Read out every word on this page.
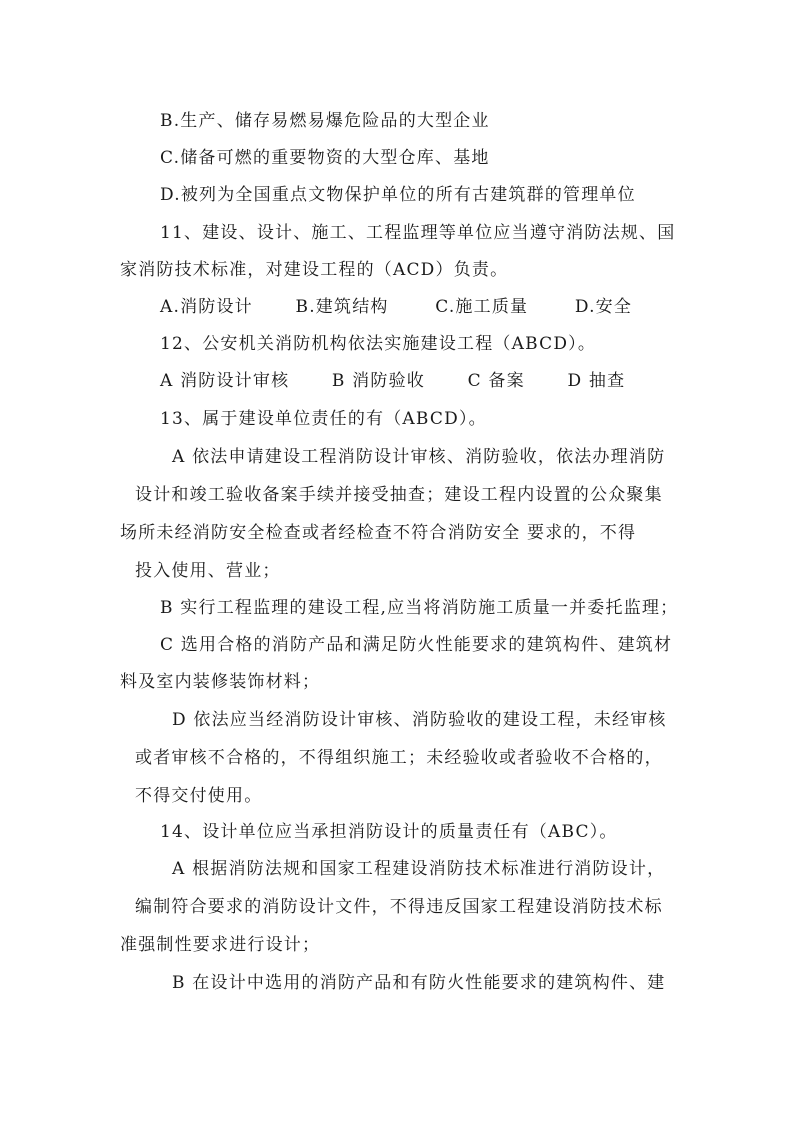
B.生产、储存易燃易爆危险品的大型企业
C.储备可燃的重要物资的大型仓库、基地
D.被列为全国重点文物保护单位的所有古建筑群的管理单位
11、建设、设计、施工、工程监理等单位应当遵守消防法规、国
家消防技术标准，对建设工程的（ACD）负责。
A.消防设计	B.建筑结构	C.施工质量	D.安全
12、公安机关消防机构依法实施建设工程（ABCD）。
A 消防设计审核	B 消防验收	C 备案	D 抽查
13、属于建设单位责任的有（ABCD）。
A 依法申请建设工程消防设计审核、消防验收，依法办理消防
设计和竣工验收备案手续并接受抽查；建设工程内设置的公众聚集
场所未经消防安全检查或者经检查不符合消防安全 要求的，不得
投入使用、营业；
B 实行工程监理的建设工程,应当将消防施工质量一并委托监理；
C 选用合格的消防产品和满足防火性能要求的建筑构件、建筑材
料及室内装修装饰材料；
D 依法应当经消防设计审核、消防验收的建设工程，未经审核
或者审核不合格的，不得组织施工；未经验收或者验收不合格的，
不得交付使用。
14、设计单位应当承担消防设计的质量责任有（ABC）。
A 根据消防法规和国家工程建设消防技术标准进行消防设计，
编制符合要求的消防设计文件，不得违反国家工程建设消防技术标
准强制性要求进行设计；
B 在设计中选用的消防产品和有防火性能要求的建筑构件、建
